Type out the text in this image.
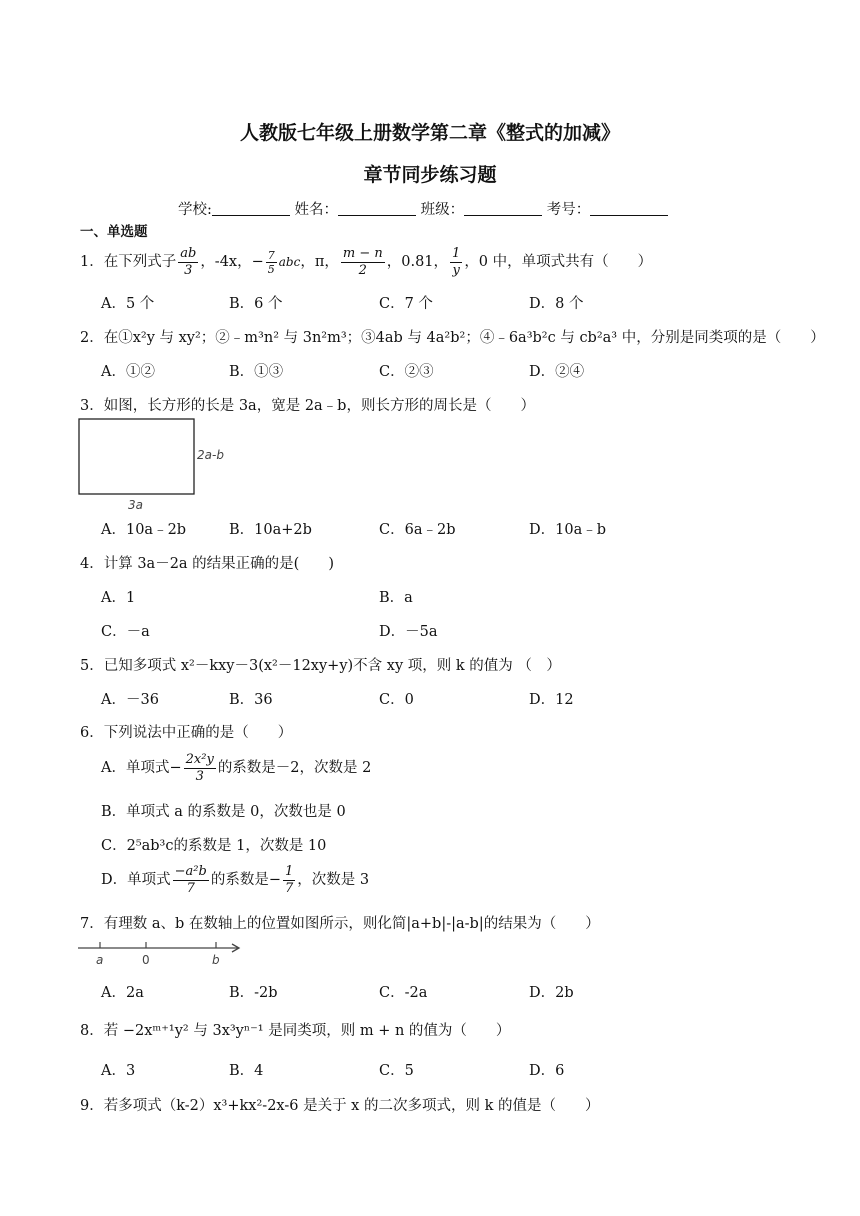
人教版七年级上册数学第二章《整式的加减》
章节同步练习题
学校:	姓名：	班级：	考号：
一、单选题
1．在下列式子 $\frac{ab}{3}$ ，-4x，− $\frac{7}{5}$ abc，π， $\frac{m - n}{2}$ ，0.81， $\frac{1}{y}$ ，0 中，单项式共有（　　）
A．5 个	B．6 个	C．7 个	D．8 个
2．在①x²y 与 xy²；②﹣m³n² 与 3n²m³；③4ab 与 4a²b²；④﹣6a³b²c 与 cb²a³ 中，分别是同类项的是（　　）
A．①②	B．①③	C．②③	D．②④
3．如图，长方形的长是 3a，宽是 2a﹣b，则长方形的周长是（　　）
2a-b
3a
A．10a﹣2b	B．10a+2b	C．6a﹣2b	D．10a﹣b
4．计算 3a－2a 的结果正确的是(　　)
A．1	B．a
C．－a	D．－5a
5．已知多项式 x²－kxy－3(x²－12xy+y)不含 xy 项，则 k 的值为 （　）
A．－36	B．36	C．0	D．12
6．下列说法中正确的是（　　）
A．单项式− $\frac{\text{2x²y}}{3}$ 的系数是－2，次数是 2
B．单项式 a 的系数是 0，次数也是 0
C．2⁵ab³c的系数是 1，次数是 10
D．单项式 $\frac{\text{−a²b}}{7}$ 的系数是− $\frac{1}{7}$ ，次数是 3
7．有理数 a、b 在数轴上的位置如图所示，则化简|a+b|-|a-b|的结果为（　　）
a	0	b
A．2a	B．-2b	C．-2a	D．2b
8．若 −2xᵐ⁺¹y² 与 3x³yⁿ⁻¹ 是同类项，则 m + n 的值为（　　）
A．3	B．4	C．5	D．6
9．若多项式（k-2）x³+kx²-2x-6 是关于 x 的二次多项式，则 k 的值是（　　）
